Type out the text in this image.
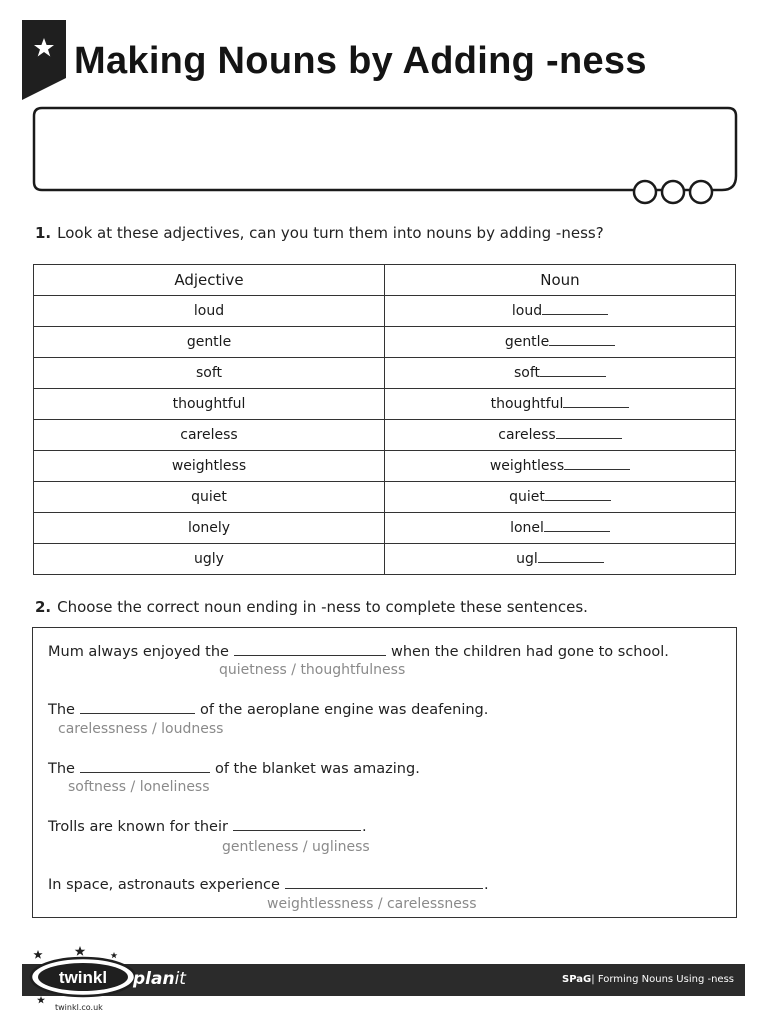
Making Nouns by Adding -ness
1. Look at these adjectives, can you turn them into nouns by adding -ness?
Adjective	Noun
loud	loud
gentle	gentle
soft	soft
thoughtful	thoughtful
careless	careless
weightless	weightless
quiet	quiet
lonely	lonel
ugly	ugl
2. Choose the correct noun ending in -ness to complete these sentences.
Mum always enjoyed the	when the children had gone to school.
quietness / thoughtfulness
The	of the aeroplane engine was deafening.
carelessness / loudness
The	of the blanket was amazing.
softness / loneliness
Trolls are known for their	.
gentleness / ugliness
In space, astronauts experience	.
weightlessness / carelessness
twinkl planit	SPaG| Forming Nouns Using -ness
twinkl.co.uk
